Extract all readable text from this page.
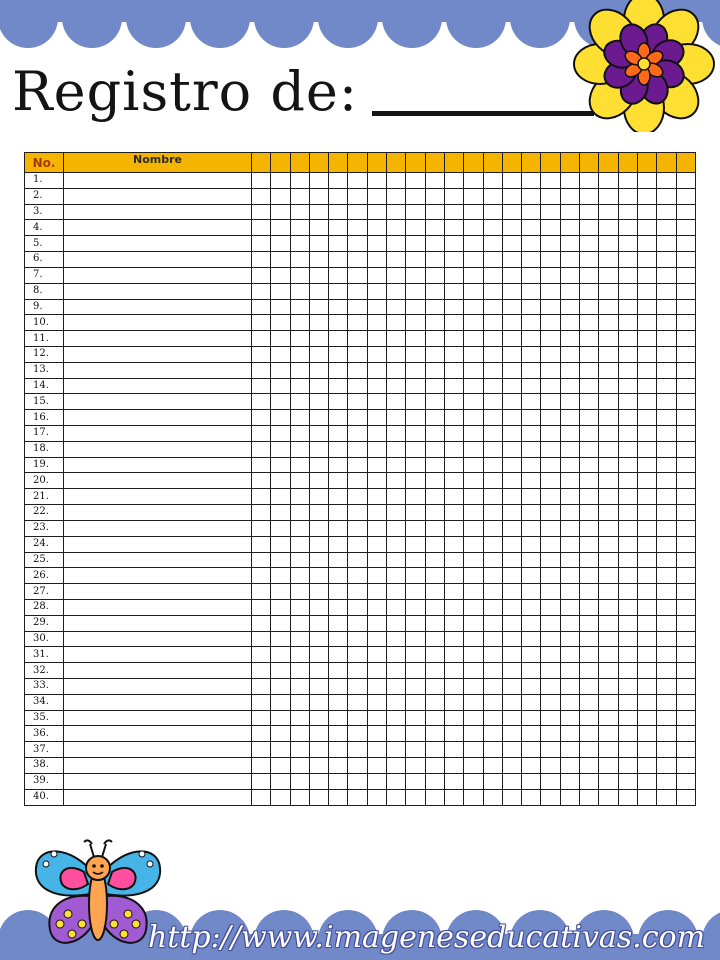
Registro de:
No.	Nombre																							
1.																								
2.																								
3.																								
4.																								
5.																								
6.																								
7.																								
8.																								
9.																								
10.																								
11.																								
12.																								
13.																								
14.																								
15.																								
16.																								
17.																								
18.																								
19.																								
20.																								
21.																								
22.																								
23.																								
24.																								
25.																								
26.																								
27.																								
28.																								
29.																								
30.																								
31.																								
32.																								
33.																								
34.																								
35.																								
36.																								
37.																								
38.																								
39.																								
40.																								
http://www.imageneseducativas.com
